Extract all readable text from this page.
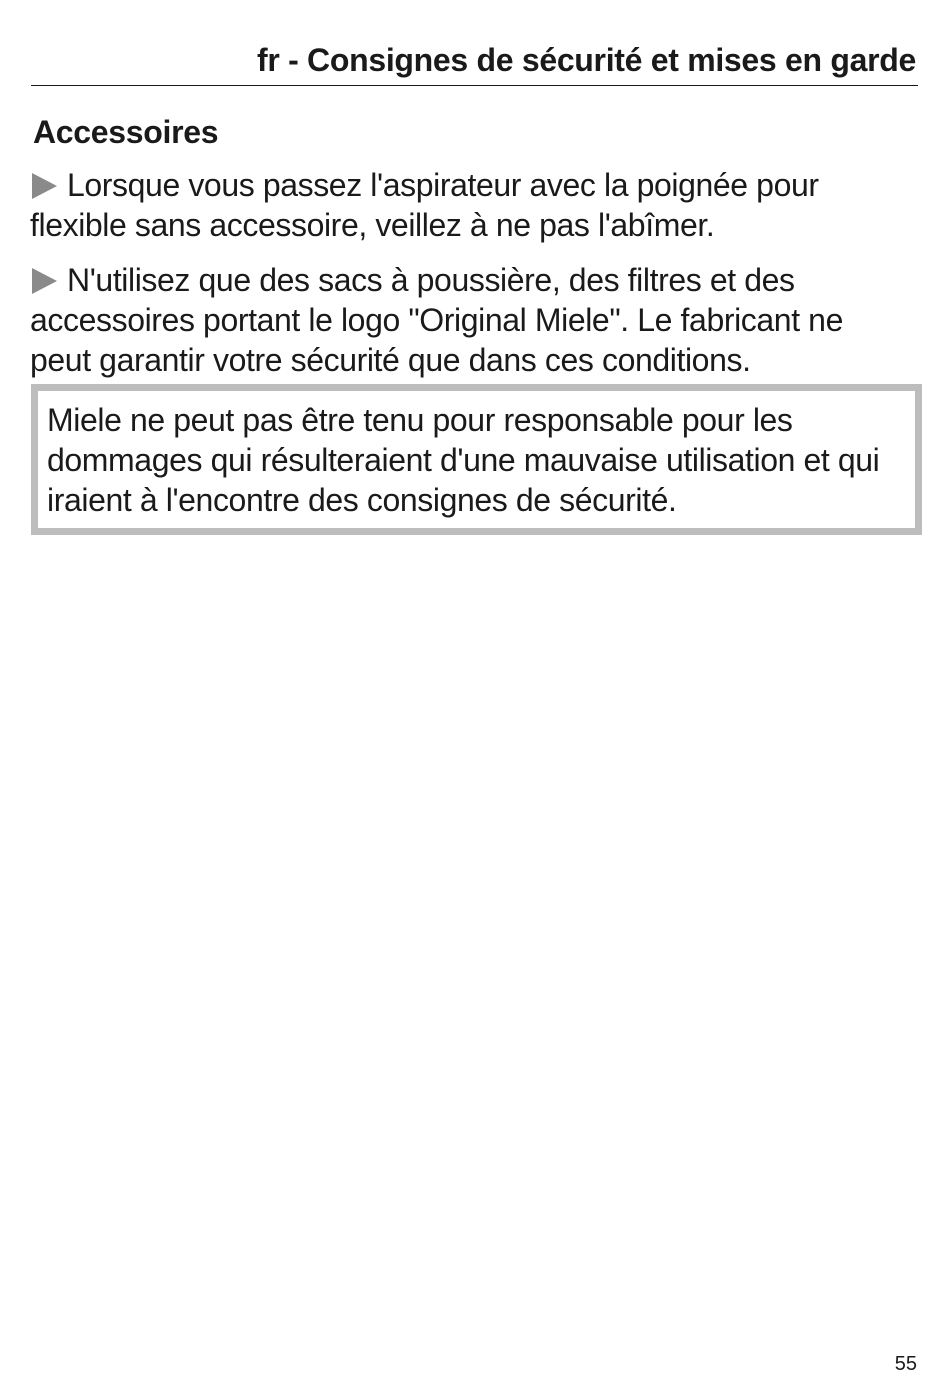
fr - Consignes de sécurité et mises en garde
Accessoires

Lorsque vous passez l'aspirateur avec la poignée pour flexible sans accessoire, veillez à ne pas l'abîmer.

N'utilisez que des sacs à poussière, des filtres et des accessoires portant le logo "Original Miele". Le fabricant ne peut garantir votre sécurité que dans ces conditions.

Miele ne peut pas être tenu pour responsable pour les dommages qui résulteraient d'une mauvaise utilisation et qui iraient à l'encontre des consignes de sécurité.

55
